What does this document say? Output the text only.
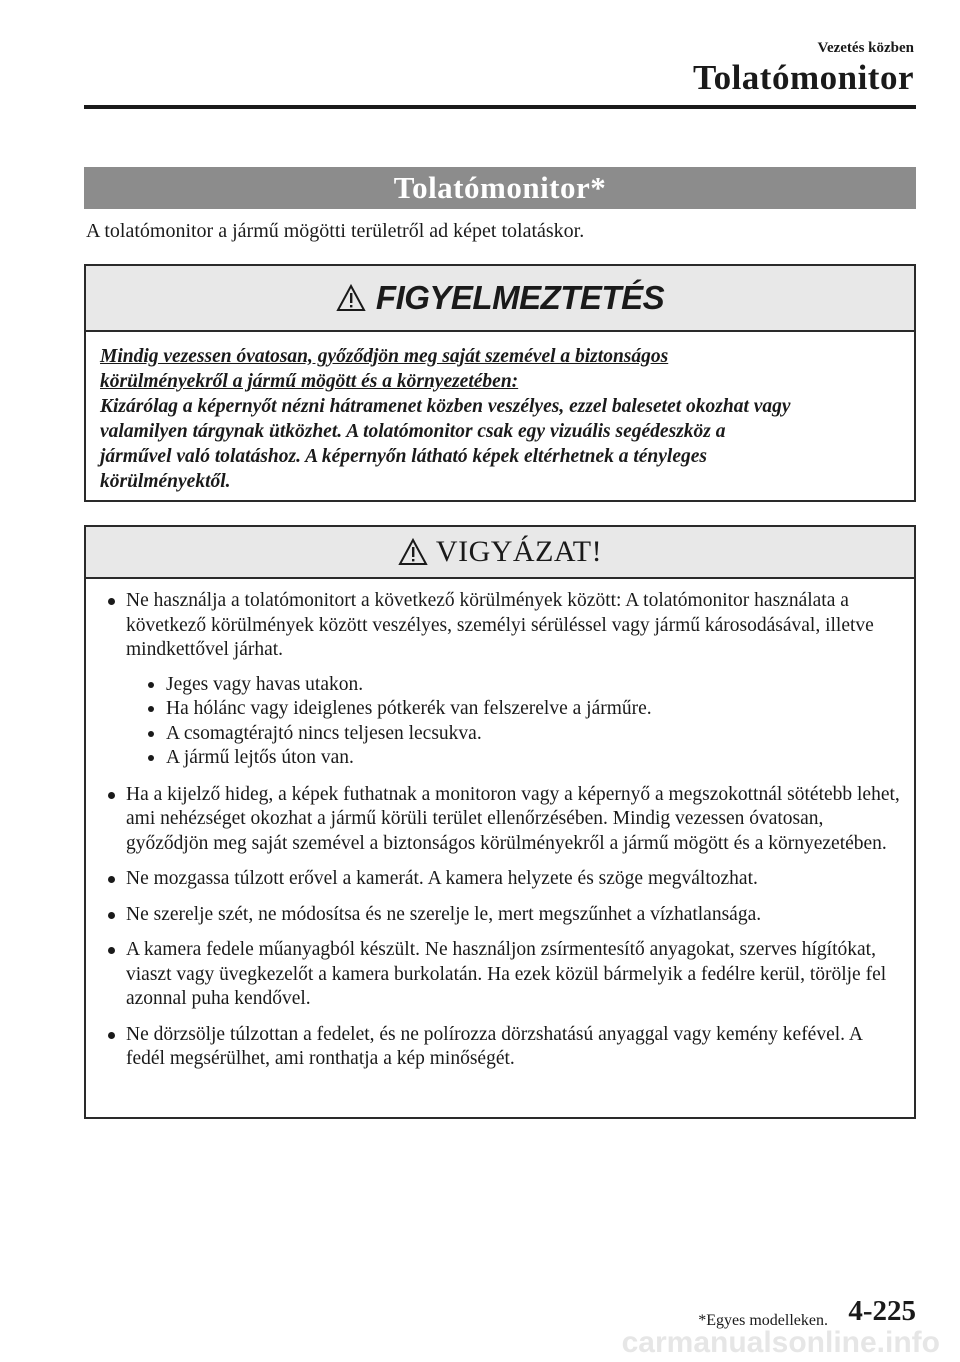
Vezetés közben
Tolatómonitor
Tolatómonitor*
A tolatómonitor a jármű mögötti területről ad képet tolatáskor.
FIGYELMEZTETÉS
Mindig vezessen óvatosan, győződjön meg saját szemével a biztonságos
körülményekről a jármű mögött és a környezetében:
Kizárólag a képernyőt nézni hátramenet közben veszélyes, ezzel balesetet okozhat vagy
valamilyen tárgynak ütközhet. A tolatómonitor csak egy vizuális segédeszköz a
járművel való tolatáshoz. A képernyőn látható képek eltérhetnek a tényleges
körülményektől.
VIGYÁZAT!
Ne használja a tolatómonitort a következő körülmények között: A tolatómonitor használata a következő körülmények között veszélyes, személyi sérüléssel vagy jármű károsodásával, illetve mindkettővel járhat.
Jeges vagy havas utakon.
Ha hólánc vagy ideiglenes pótkerék van felszerelve a járműre.
A csomagtérajtó nincs teljesen lecsukva.
A jármű lejtős úton van.
Ha a kijelző hideg, a képek futhatnak a monitoron vagy a képernyő a megszokottnál sötétebb lehet, ami nehézséget okozhat a jármű körüli terület ellenőrzésében. Mindig vezessen óvatosan, győződjön meg saját szemével a biztonságos körülményekről a jármű mögött és a környezetében.
Ne mozgassa túlzott erővel a kamerát. A kamera helyzete és szöge megváltozhat.
Ne szerelje szét, ne módosítsa és ne szerelje le, mert megszűnhet a vízhatlansága.
A kamera fedele műanyagból készült. Ne használjon zsírmentesítő anyagokat, szerves hígítókat, viaszt vagy üvegkezelőt a kamera burkolatán. Ha ezek közül bármelyik a fedélre kerül, törölje fel azonnal puha kendővel.
Ne dörzsölje túlzottan a fedelet, és ne polírozza dörzshatású anyaggal vagy kemény kefével. A fedél megsérülhet, ami ronthatja a kép minőségét.
*Egyes modelleken. 4-225
carmanualsonline.info
